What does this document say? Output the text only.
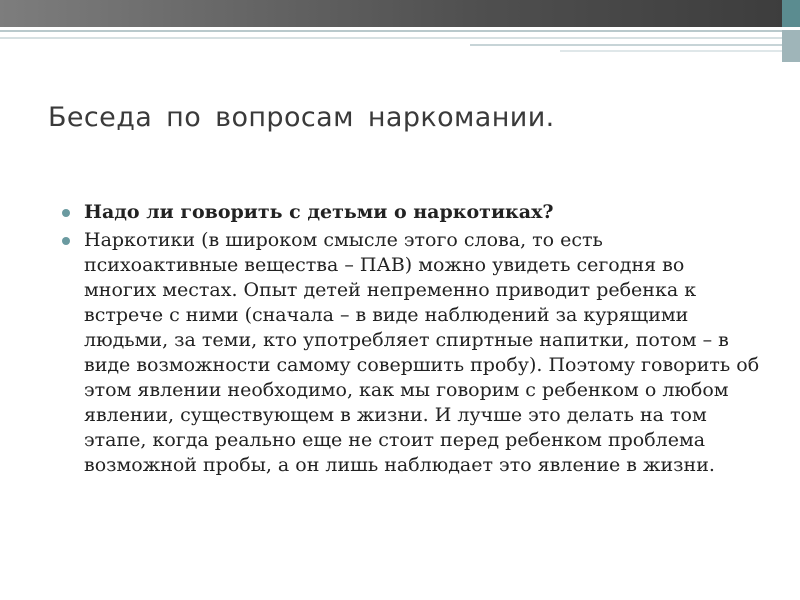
Беседа по вопросам наркомании.
Надо ли говорить с детьми о наркотиках?
Наркотики (в широком смысле этого слова, то есть психоактивные вещества – ПАВ) можно увидеть сегодня во многих местах. Опыт детей непременно приводит ребенка к встрече с ними (сначала – в виде наблюдений за курящими людьми, за теми, кто употребляет спиртные напитки, потом – в виде возможности самому совершить пробу). Поэтому говорить об этом явлении необходимо, как мы говорим с ребенком о любом явлении, существующем в жизни. И лучше это делать на том этапе, когда реально еще не стоит перед ребенком проблема возможной пробы, а он лишь наблюдает это явление в жизни.
